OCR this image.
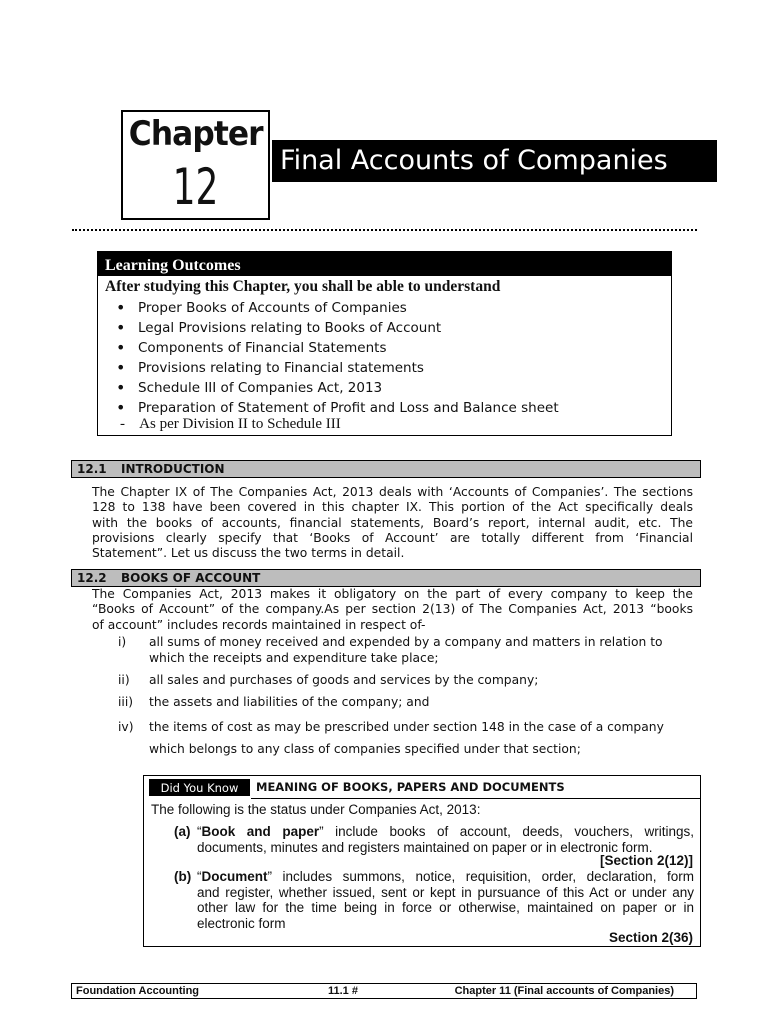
Chapter
12	Final Accounts of Companies
Learning Outcomes
After studying this Chapter, you shall be able to understand
• Proper Books of Accounts of Companies
• Legal Provisions relating to Books of Account
• Components of Financial Statements
• Provisions relating to Financial statements
• Schedule III of Companies Act, 2013
• Preparation of Statement of Profit and Loss and Balance sheet
-    As per Division II to Schedule III
12.1 INTRODUCTION
The Chapter IX of The Companies Act, 2013 deals with ‘Accounts of Companies’. The sections
128 to 138 have been covered in this chapter IX. This portion of the Act specifically deals
with the books of accounts, financial statements, Board’s report, internal audit, etc. The
provisions clearly specify that ‘Books of Account’ are totally different from ‘Financial
Statement”. Let us discuss the two terms in detail.
12.2 BOOKS OF ACCOUNT
The Companies Act, 2013 makes it obligatory on the part of every company to keep the
“Books of Account” of the company.As per section 2(13) of The Companies Act, 2013 “books
of account” includes records maintained in respect of-
i) all sums of money received and expended by a company and matters in relation to
which the receipts and expenditure take place;
ii) all sales and purchases of goods and services by the company;
iii) the assets and liabilities of the company; and
iv) the items of cost as may be prescribed under section 148 in the case of a company
which belongs to any class of companies specified under that section;
Did You Know	MEANING OF BOOKS, PAPERS AND DOCUMENTS
The following is the status under Companies Act, 2013:
(a) “Book and paper” include books of account, deeds, vouchers, writings,
documents, minutes and registers maintained on paper or in electronic form.
[Section 2(12)]
(b) “Document” includes summons, notice, requisition, order, declaration, form
and register, whether issued, sent or kept in pursuance of this Act or under any
other law for the time being in force or otherwise, maintained on paper or in
electronic form
Section 2(36)
Foundation Accounting	11.1 #	Chapter 11 (Final accounts of Companies)
